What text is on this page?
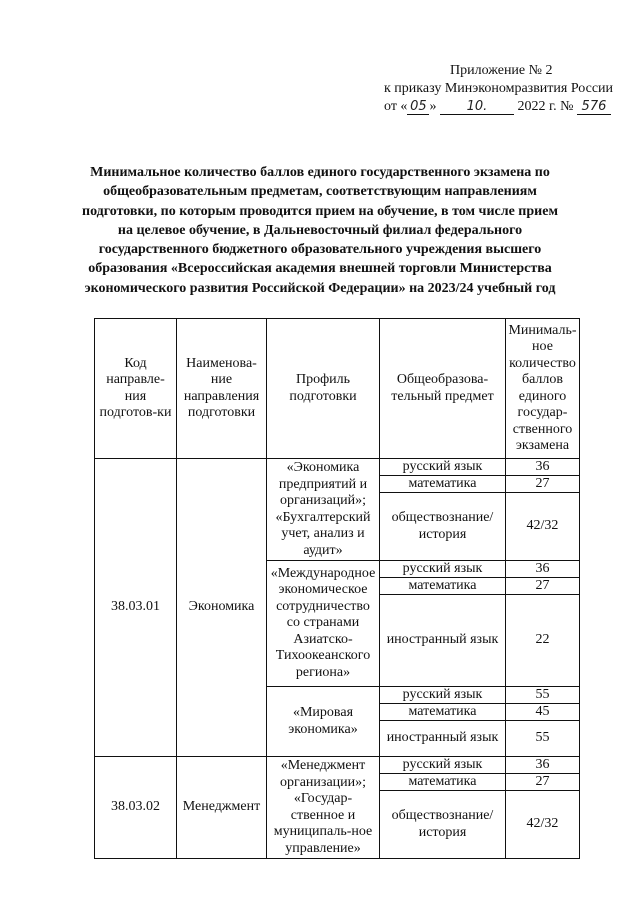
Приложение № 2
к приказу Минэкономразвития России
от « 05 » 10. 2022 г. № 576
Минимальное количество баллов единого государственного экзамена по общеобразовательным предметам, соответствующим направлениям подготовки, по которым проводится прием на обучение, в том числе прием на целевое обучение, в Дальневосточный филиал федерального государственного бюджетного образовательного учреждения высшего образования «Всероссийская академия внешней торговли Министерства экономического развития Российской Федерации» на 2023/24 учебный год
Код направле-ния подготов-ки	Наименова-ние направления подготовки	Профиль подготовки	Общеобразова-тельный предмет	Минималь-ное количество баллов единого государ-ственного экзамена
38.03.01	Экономика	«Экономика предприятий и организаций»; «Бухгалтерский учет, анализ и аудит»	русский язык	36
			математика	27
			обществознание/ история	42/32
		«Международное экономическое сотрудничество со странами Азиатско-Тихоокеанского региона»	русский язык	36
			математика	27
			иностранный язык	22
		«Мировая экономика»	русский язык	55
			математика	45
			иностранный язык	55
38.03.02	Менеджмент	«Менеджмент организации»; «Государ-ственное и муниципаль-ное управление»	русский язык	36
			математика	27
			обществознание/ история	42/32
